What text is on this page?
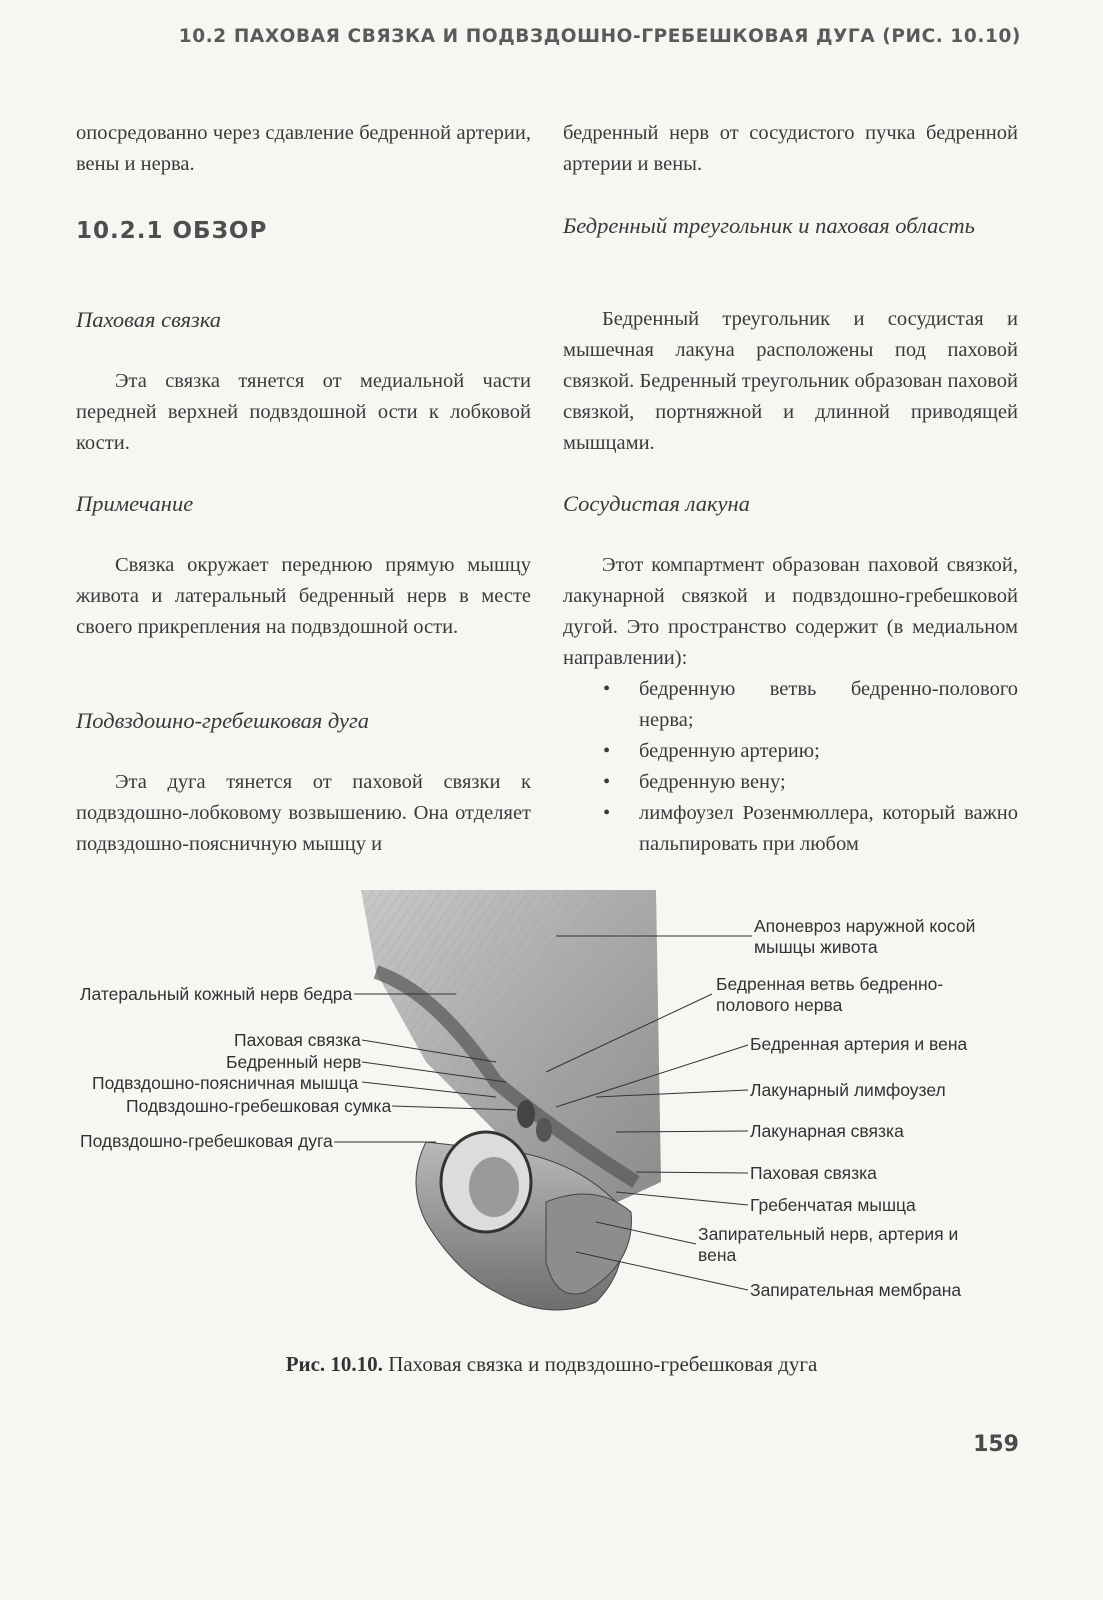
10.2 ПАХОВАЯ СВЯЗКА И ПОДВЗДОШНО-ГРЕБЕШКОВАЯ ДУГА (РИС. 10.10)

опосредованно через сдавление бедренной артерии, вены и нерва.

10.2.1 ОБЗОР

Паховая связка

Эта связка тянется от медиальной части передней верхней подвздошной ости к лобковой кости.

Примечание

Связка окружает переднюю прямую мышцу живота и латеральный бедренный нерв в месте своего прикрепления на подвздошной ости.

Подвздошно-гребешковая дуга

Эта дуга тянется от паховой связки к подвздошно-лобковому возвышению. Она отделяет подвздошно-поясничную мышцу и

бедренный нерв от сосудистого пучка бедренной артерии и вены.

Бедренный треугольник и паховая область

Бедренный треугольник и сосудистая и мышечная лакуна расположены под паховой связкой. Бедренный треугольник образован паховой связкой, портняжной и длинной приводящей мышцами.

Сосудистая лакуна

Этот компартмент образован паховой связкой, лакунарной связкой и подвздошно-гребешковой дугой. Это пространство содержит (в медиальном направлении):

• бедренную ветвь бедренно-полового нерва;
• бедренную артерию;
• бедренную вену;
• лимфоузел Розенмюллера, который важно пальпировать при любом
Латеральный кожный нерв бедра
Паховая связка
Бедренный нерв
Подвздошно-поясничная мышца
Подвздошно-гребешковая сумка
Подвздошно-гребешковая дуга
Апоневроз наружной косой мышцы живота
Бедренная ветвь бедренно-полового нерва
Бедренная артерия и вена
Лакунарный лимфоузел
Лакунарная связка
Паховая связка
Гребенчатая мышца
Запирательный нерв, артерия и вена
Запирательная мембрана
Рис. 10.10. Паховая связка и подвздошно-гребешковая дуга
159
